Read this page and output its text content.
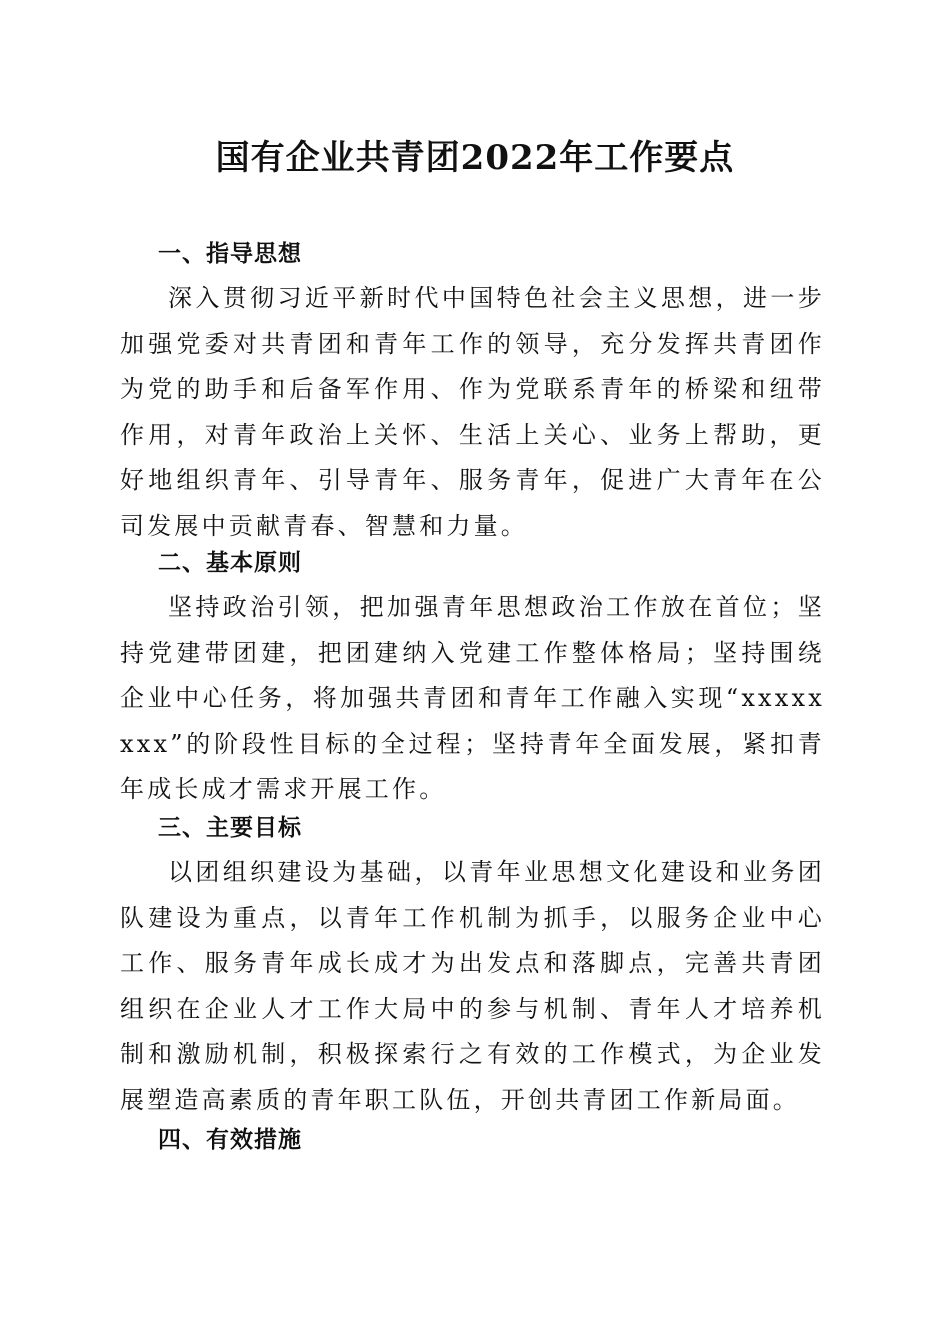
国有企业共青团2022年工作要点
一、指导思想

深入贯彻习近平新时代中国特色社会主义思想，进一步加强党委对共青团和青年工作的领导，充分发挥共青团作为党的助手和后备军作用、作为党联系青年的桥梁和纽带作用，对青年政治上关怀、生活上关心、业务上帮助，更好地组织青年、引导青年、服务青年，促进广大青年在公司发展中贡献青春、智慧和力量。

二、基本原则

坚持政治引领，把加强青年思想政治工作放在首位；坚持党建带团建，把团建纳入党建工作整体格局；坚持围绕企业中心任务，将加强共青团和青年工作融入实现“xxxxxxxx”的阶段性目标的全过程；坚持青年全面发展，紧扣青年成长成才需求开展工作。

三、主要目标

以团组织建设为基础，以青年业思想文化建设和业务团队建设为重点，以青年工作机制为抓手，以服务企业中心工作、服务青年成长成才为出发点和落脚点，完善共青团组织在企业人才工作大局中的参与机制、青年人才培养机制和激励机制，积极探索行之有效的工作模式，为企业发展塑造高素质的青年职工队伍，开创共青团工作新局面。

四、有效措施
